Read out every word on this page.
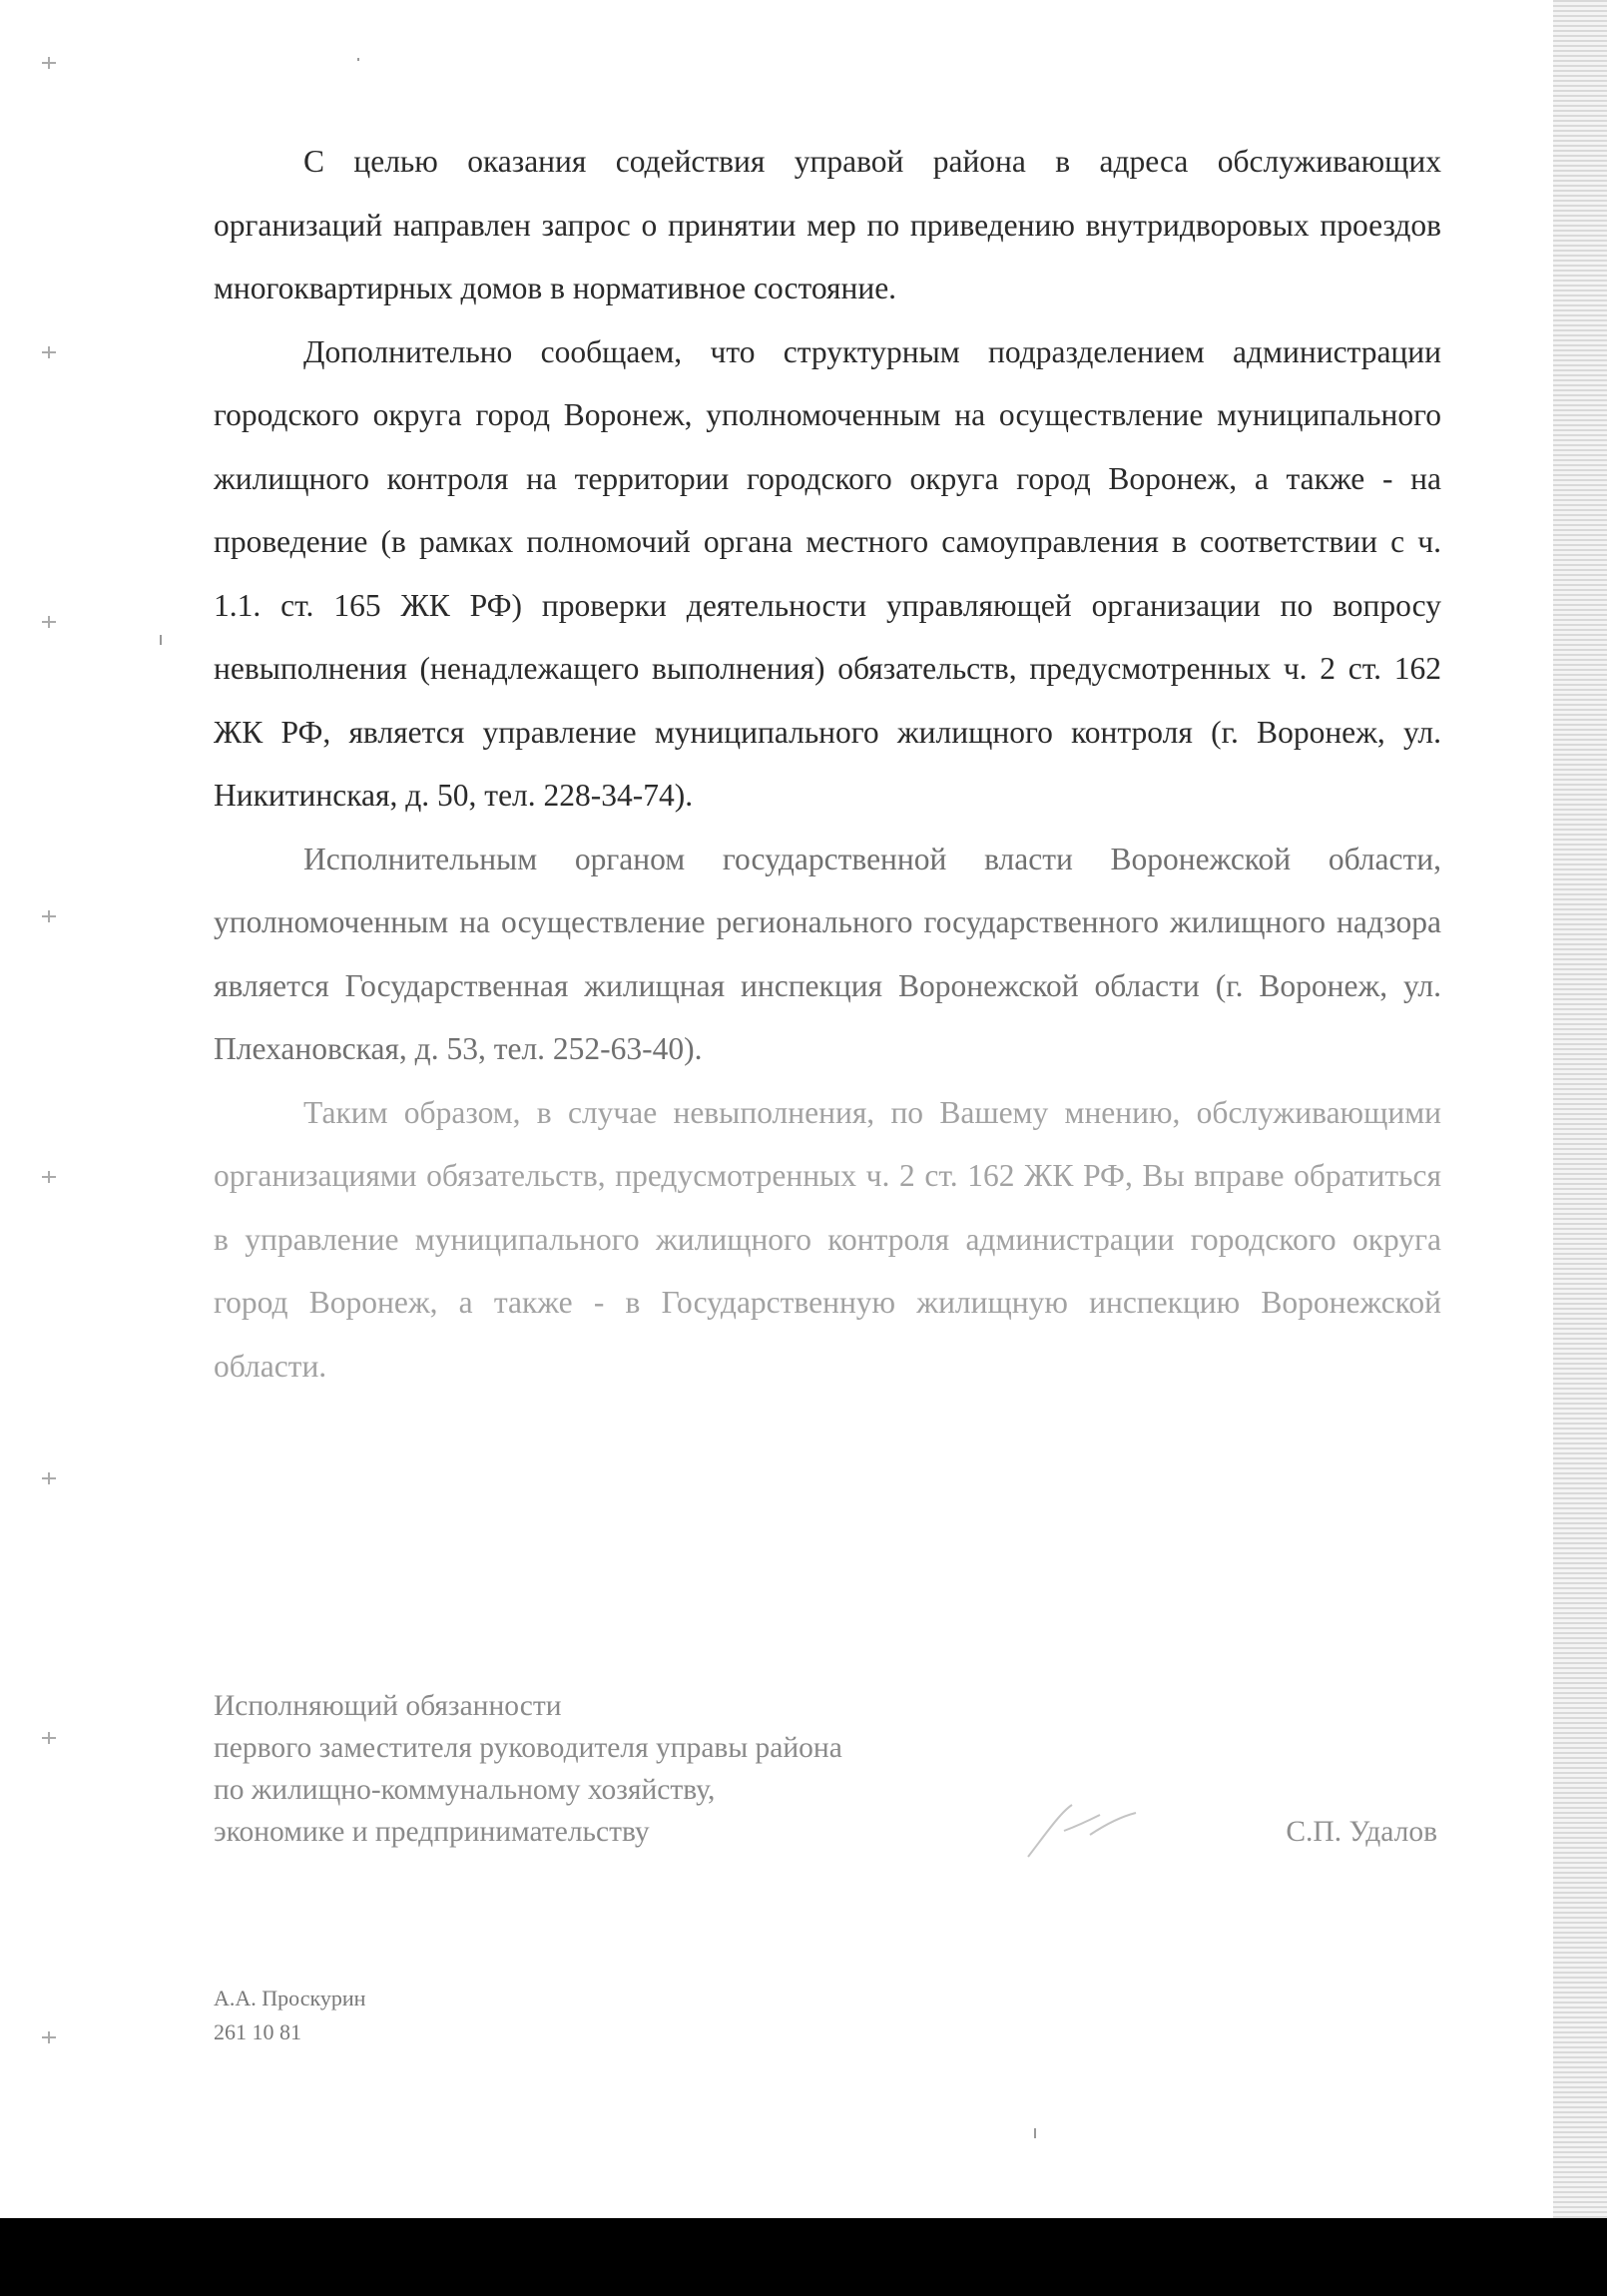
С целью оказания содействия управой района в адреса обслуживающих организаций направлен запрос о принятии мер по приведению внутридворовых проездов многоквартирных домов в нормативное состояние.

Дополнительно сообщаем, что структурным подразделением администрации городского округа город Воронеж, уполномоченным на осуществление муниципального жилищного контроля на территории городского округа город Воронеж, а также - на проведение (в рамках полномочий органа местного самоуправления в соответствии с ч. 1.1. ст. 165 ЖК РФ) проверки деятельности управляющей организации по вопросу невыполнения (ненадлежащего выполнения) обязательств, предусмотренных ч. 2 ст. 162 ЖК РФ, является управление муниципального жилищного контроля (г. Воронеж, ул. Никитинская, д. 50, тел. 228-34-74).

Исполнительным органом государственной власти Воронежской области, уполномоченным на осуществление регионального государственного жилищного надзора является Государственная жилищная инспекция Воронежской области (г. Воронеж, ул. Плехановская, д. 53, тел. 252-63-40).

Таким образом, в случае невыполнения, по Вашему мнению, обслуживающими организациями обязательств, предусмотренных ч. 2 ст. 162 ЖК РФ, Вы вправе обратиться в управление муниципального жилищного контроля администрации городского округа город Воронеж, а также - в Государственную жилищную инспекцию Воронежской области.

Исполняющий обязанности
первого заместителя руководителя управы района
по жилищно-коммунальному хозяйству,
экономике и предпринимательству	С.П. Удалов
А.А. Проскурин
261 10 81
